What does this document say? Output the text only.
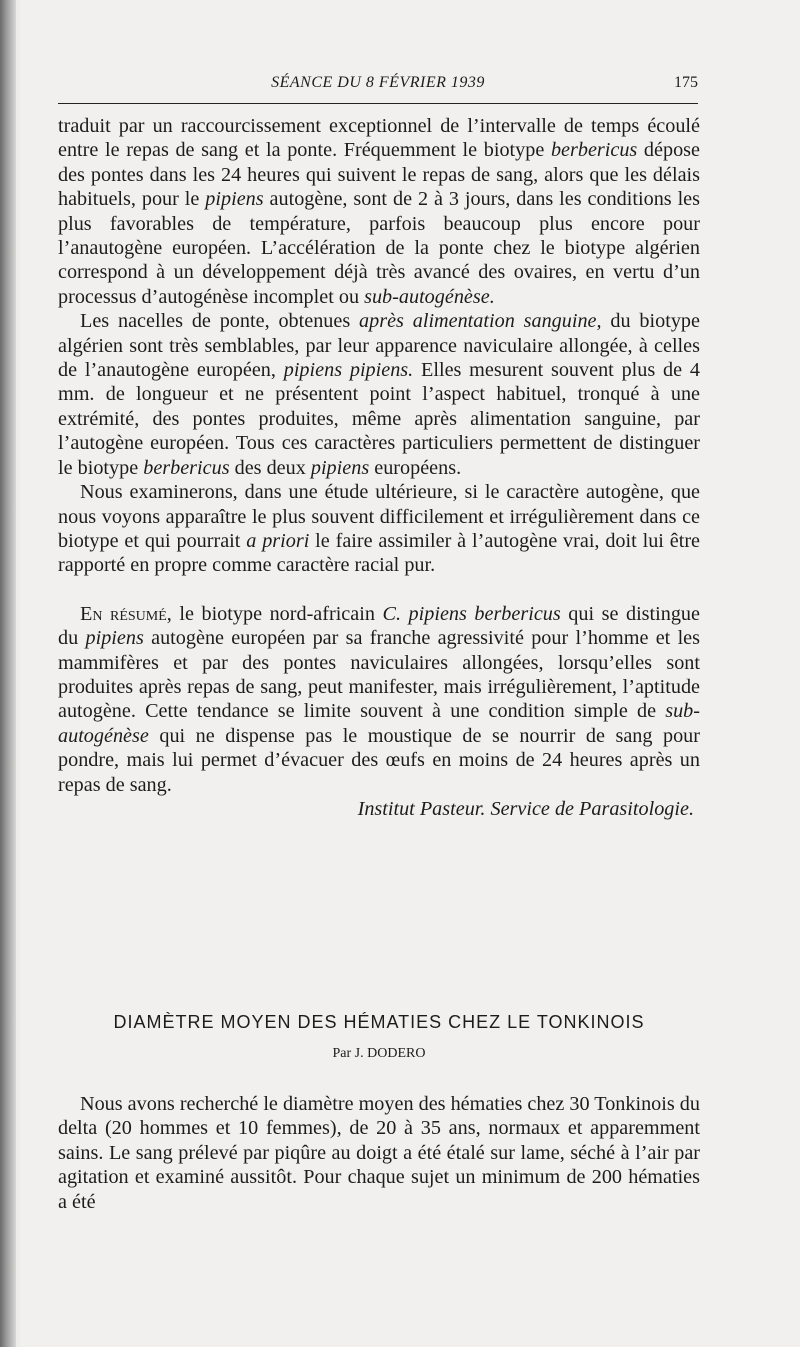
SÉANCE DU 8 FÉVRIER 1939	175

traduit par un raccourcissement exceptionnel de l’intervalle de temps écoulé entre le repas de sang et la ponte. Fréquemment le biotype berbericus dépose des pontes dans les 24 heures qui suivent le repas de sang, alors que les délais habituels, pour le pipiens autogène, sont de 2 à 3 jours, dans les conditions les plus favorables de température, parfois beaucoup plus encore pour l’anautogène européen. L’accélération de la ponte chez le biotype algérien correspond à un développement déjà très avancé des ovaires, en vertu d’un processus d’autogénèse incomplet ou sub-autogénèse.

Les nacelles de ponte, obtenues après alimentation sanguine, du biotype algérien sont très semblables, par leur apparence naviculaire allongée, à celles de l’anautogène européen, pipiens pipiens. Elles mesurent souvent plus de 4 mm. de longueur et ne présentent point l’aspect habituel, tronqué à une extrémité, des pontes produites, même après alimentation sanguine, par l’autogène européen. Tous ces caractères particuliers permettent de distinguer le biotype berbericus des deux pipiens européens.

Nous examinerons, dans une étude ultérieure, si le caractère autogène, que nous voyons apparaître le plus souvent difficilement et irrégulièrement dans ce biotype et qui pourrait a priori le faire assimiler à l’autogène vrai, doit lui être rapporté en propre comme caractère racial pur.

En résumé, le biotype nord-africain C. pipiens berbericus qui se distingue du pipiens autogène européen par sa franche agressivité pour l’homme et les mammifères et par des pontes naviculaires allongées, lorsqu’elles sont produites après repas de sang, peut manifester, mais irrégulièrement, l’aptitude autogène. Cette tendance se limite souvent à une condition simple de sub-autogénèse qui ne dispense pas le moustique de se nourrir de sang pour pondre, mais lui permet d’évacuer des œufs en moins de 24 heures après un repas de sang.

Institut Pasteur. Service de Parasitologie.

DIAMÈTRE MOYEN DES HÉMATIES CHEZ LE TONKINOIS
Par J. DODERO

Nous avons recherché le diamètre moyen des hématies chez 30 Tonkinois du delta (20 hommes et 10 femmes), de 20 à 35 ans, normaux et apparemment sains. Le sang prélevé par piqûre au doigt a été étalé sur lame, séché à l’air par agitation et examiné aussitôt. Pour chaque sujet un minimum de 200 hématies a été
